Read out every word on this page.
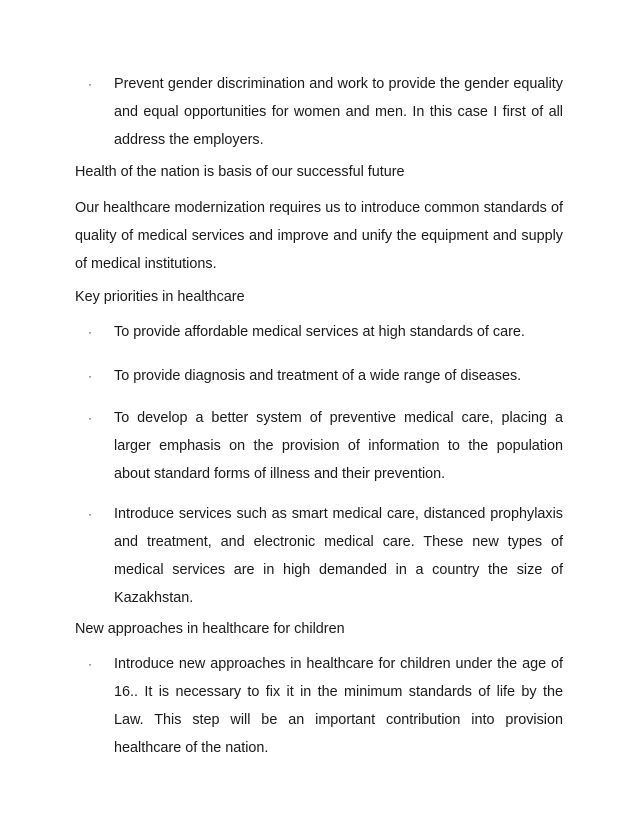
·	Prevent gender discrimination and work to provide the gender equality and equal opportunities for women and men. In this case I first of all address the employers.
Health of the nation is basis of our successful future
Our healthcare modernization requires us to introduce common standards of quality of medical services and improve and unify the equipment and supply of medical institutions.
Key priorities in healthcare
·	To provide affordable medical services at high standards of care.
·	To provide diagnosis and treatment of a wide range of diseases.
·	To develop a better system of preventive medical care, placing a larger emphasis on the provision of information to the population about standard forms of illness and their prevention.
·	Introduce services such as smart medical care, distanced prophylaxis and treatment, and electronic medical care. These new types of medical services are in high demanded in a country the size of Kazakhstan.
New approaches in healthcare for children
·	Introduce new approaches in healthcare for children under the age of 16.. It is necessary to fix it in the minimum standards of life by the Law. This step will be an important contribution into provision healthcare of the nation.
